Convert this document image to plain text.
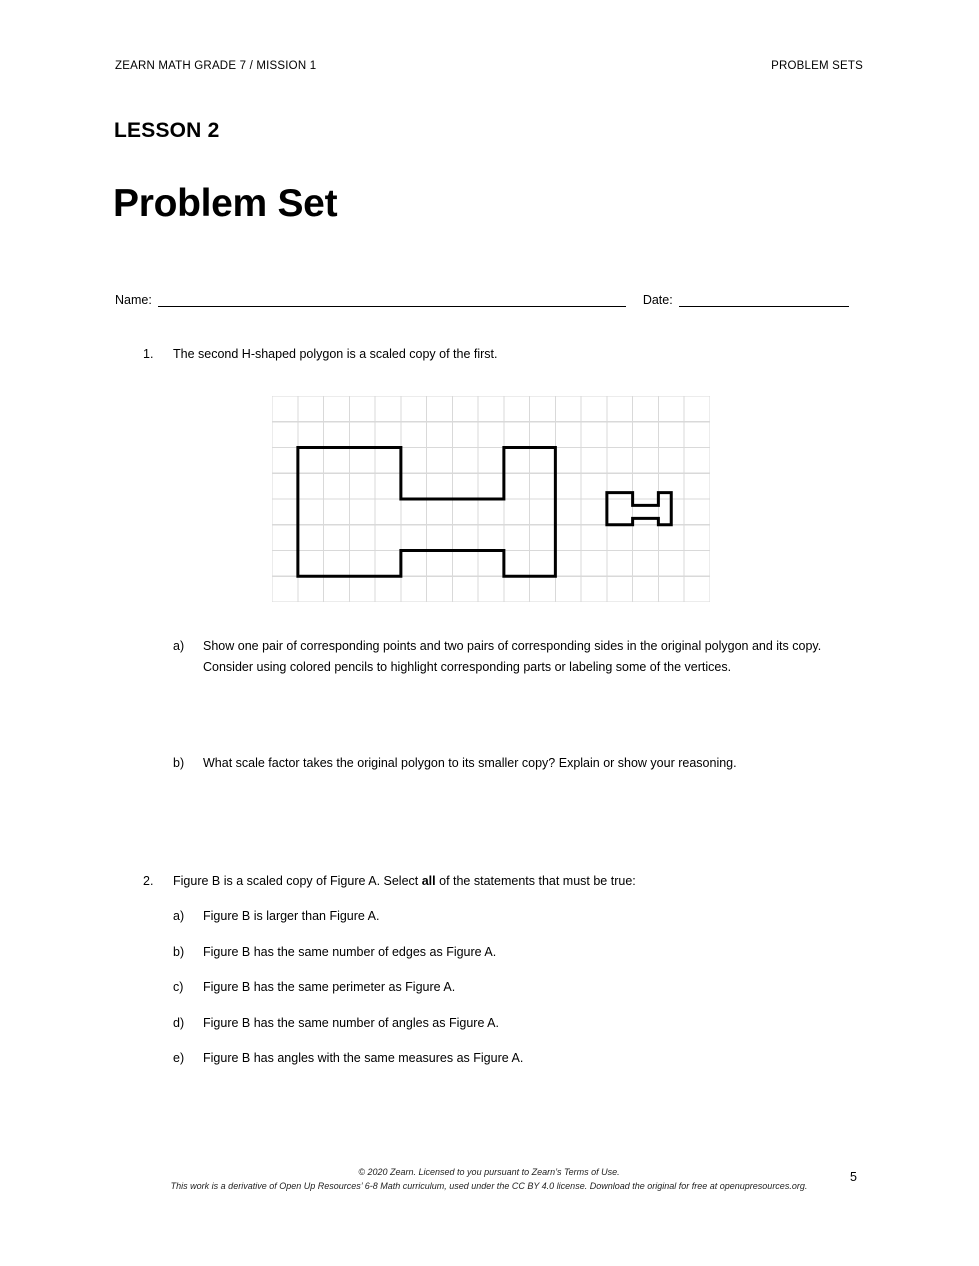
ZEARN MATH GRADE 7 / MISSION 1	PROBLEM SETS
LESSON 2
Problem Set
Name:	Date:
1.	The second H-shaped polygon is a scaled copy of the first.
a)	Show one pair of corresponding points and two pairs of corresponding sides in the original polygon and its copy. Consider using colored pencils to highlight corresponding parts or labeling some of the vertices.
b)	What scale factor takes the original polygon to its smaller copy? Explain or show your reasoning.
2.	Figure B is a scaled copy of Figure A. Select all of the statements that must be true:
a)	Figure B is larger than Figure A.
b)	Figure B has the same number of edges as Figure A.
c)	Figure B has the same perimeter as Figure A.
d)	Figure B has the same number of angles as Figure A.
e)	Figure B has angles with the same measures as Figure A.
© 2020 Zearn. Licensed to you pursuant to Zearn’s Terms of Use.
This work is a derivative of Open Up Resources’ 6-8 Math curriculum, used under the CC BY 4.0 license. Download the original for free at openupresources.org.
5
